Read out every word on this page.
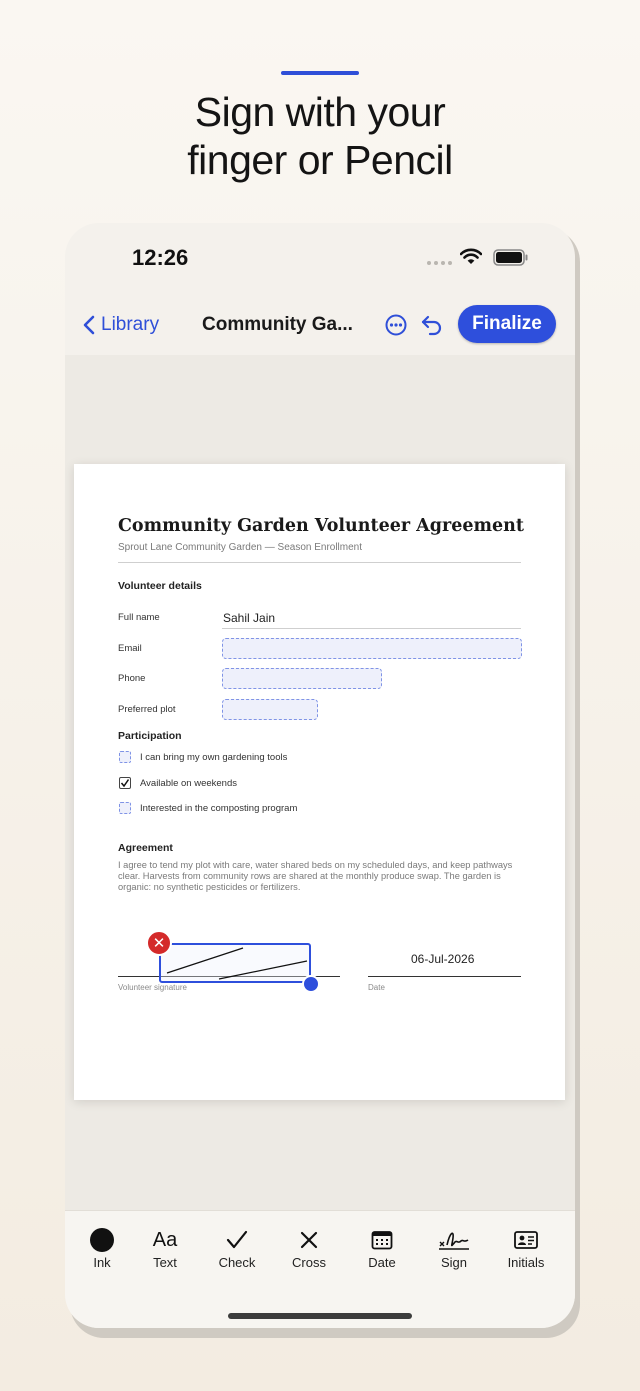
Sign with your
finger or Pencil
12:26
Library Community Ga...	Finalize
Ink
Aa
Text	Check	Cross	Date	Sign	Initials
Community Garden Volunteer Agreement
Sprout Lane Community Garden — Season Enrollment
Volunteer details
Full name	Sahil Jain
Email
Phone
Preferred plot
Participation
I can bring my own gardening tools
Available on weekends
Interested in the composting program
Agreement
I agree to tend my plot with care, water shared beds on my scheduled days, and keep pathways clear. Harvests from community rows are shared at the monthly produce swap. The garden is organic: no synthetic pesticides or fertilizers.
Volunteer signature
✕
06-Jul-2026
Date
